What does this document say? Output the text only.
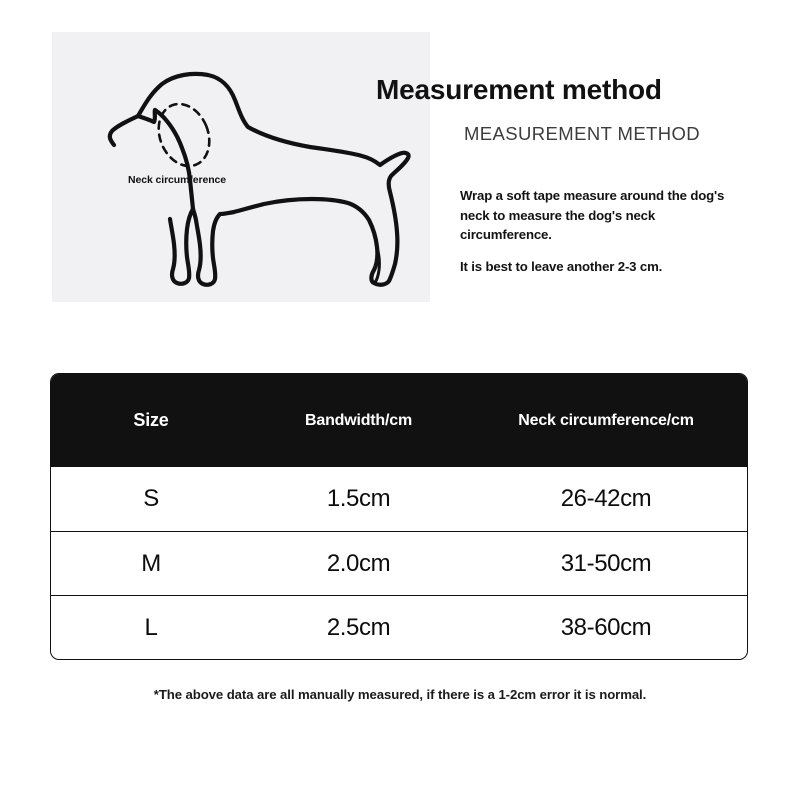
Neck circumference
Measurement method
MEASUREMENT METHOD

Wrap a soft tape measure around the dog's neck to measure the dog's neck circumference.

It is best to leave another 2-3 cm.

Size	Bandwidth/cm	Neck circumference/cm
S	1.5cm	26-42cm
M	2.0cm	31-50cm
L	2.5cm	38-60cm
*The above data are all manually measured, if there is a 1-2cm error it is normal.
